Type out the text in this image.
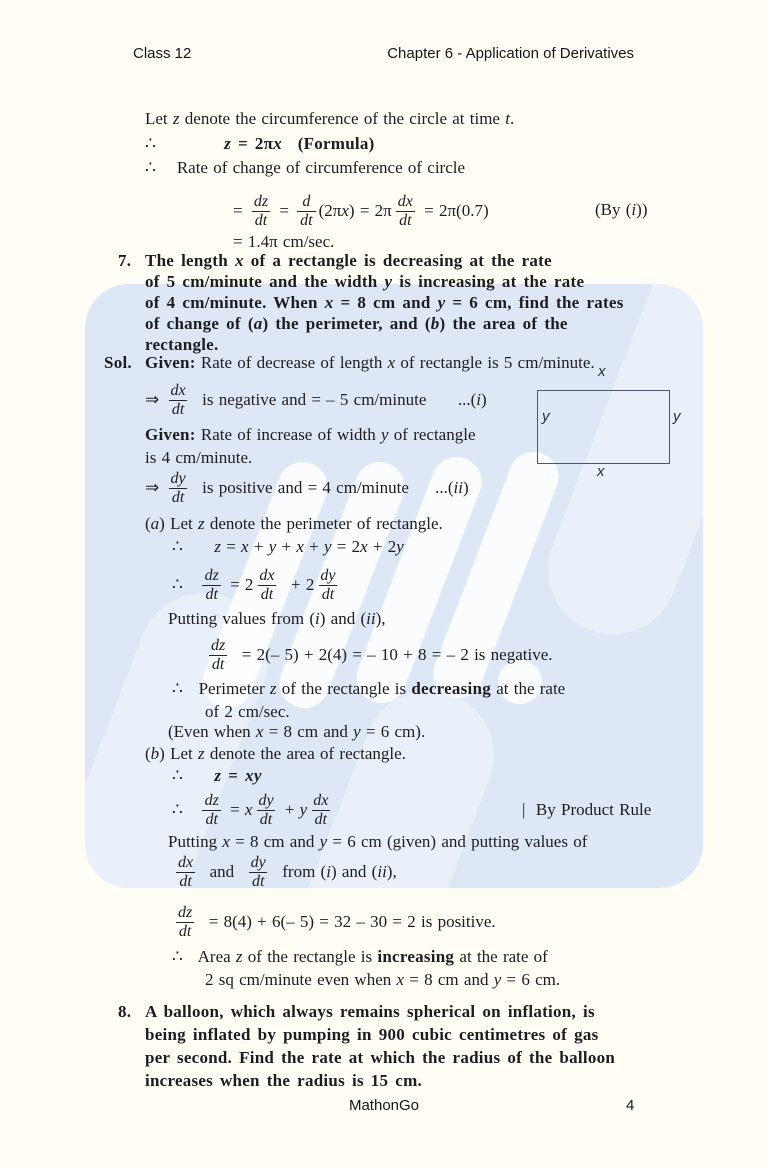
Class 12	Chapter 6 - Application of Derivatives
x
x
y	y
Let z denote the circumference of the circle at time t.
∴	z = 2πx (Formula)
∴    Rate of change of circumference of circle
= $\frac{dz}{dt} = \frac{d}{dt} (2\pi$ x ) = $2\pi \frac{dx}{dt} = 2\pi(0.7)$	(By (i))
= 1.4π cm/sec.
7. The length x of a rectangle is decreasing at the rate
of 5 cm/minute and the width y is increasing at the rate
of 4 cm/minute. When x = 8 cm and y = 6 cm, find the rates
of change of (a) the perimeter, and (b) the area of the
rectangle.
Sol. Given: Rate of decrease of length x of rectangle is 5 cm/minute.
⇒ $\frac{dx}{dt}$ is negative and = – 5 cm/minute      ...( i )
Given: Rate of increase of width y of rectangle
is 4 cm/minute.
⇒ $\frac{dy}{dt}$ is positive and = 4 cm/minute     ...( ii )
(a) Let z denote the perimeter of rectangle.
∴      z = x + y + x + y = 2x + 2y
∴ $\frac{dz}{dt} = 2 \frac{dx}{dt} + 2 \frac{dy}{dt}$
Putting values from (i) and (ii),
$\frac{dz}{dt} = 2(-$ 5) + 2(4) = – 10 + 8 = – 2 is negative.
∴   Perimeter z of the rectangle is decreasing at the rate
of 2 cm/sec.
(Even when x = 8 cm and y = 6 cm).
(b) Let z denote the area of rectangle.
∴      z = xy
∴ $\frac{dz}{dt} = x \frac{dy}{dt} + y \frac{dx}{dt}$	|  By Product Rule
Putting x = 8 cm and y = 6 cm (given) and putting values of
$\frac{dx}{dt}$ and $\frac{dy}{dt}$ from ( i ) and ( ii ),
$\frac{dz}{dt} = 8(4) + 6(-$ 5) = 32 – 30 = 2 is positive.
∴   Area z of the rectangle is increasing at the rate of
2 sq cm/minute even when x = 8 cm and y = 6 cm.
8. A balloon, which always remains spherical on inflation, is
being inflated by pumping in 900 cubic centimetres of gas
per second. Find the rate at which the radius of the balloon
increases when the radius is 15 cm.
MathonGo	4
